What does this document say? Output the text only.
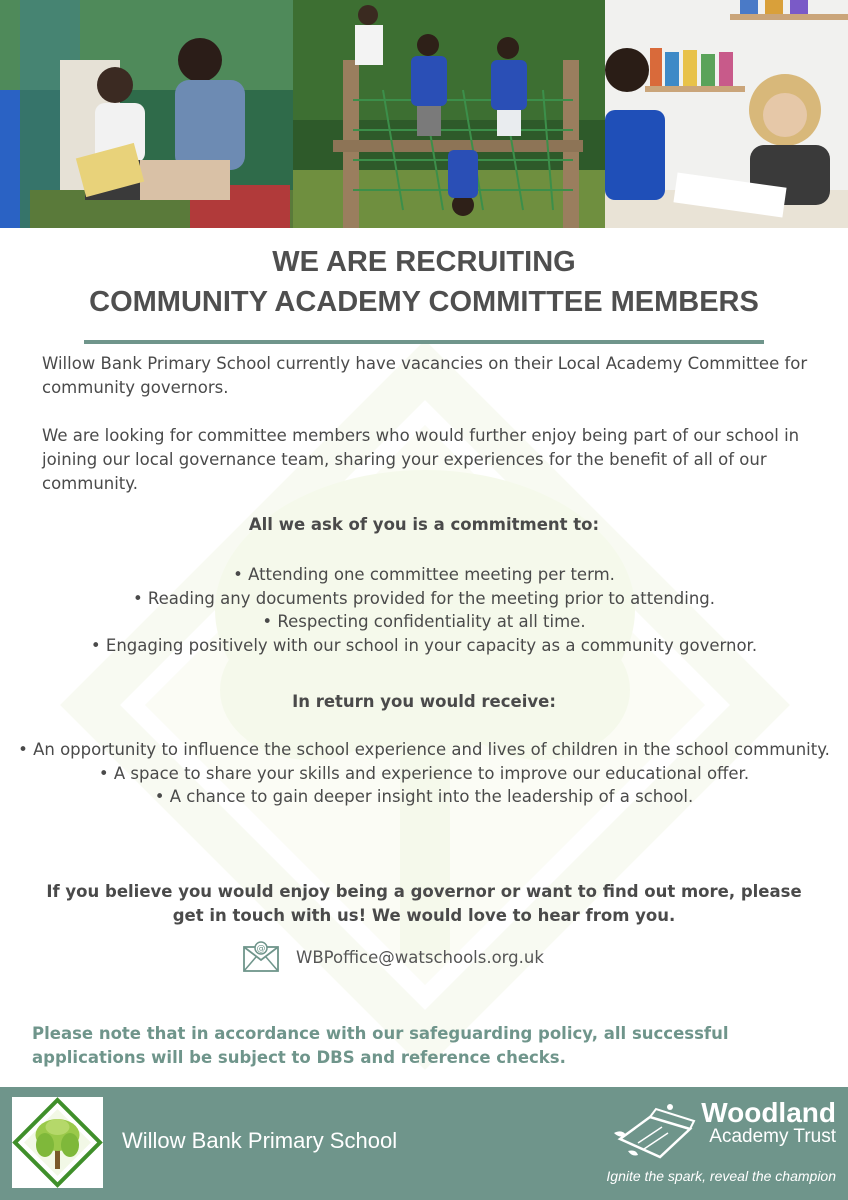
WE ARE RECRUITING
COMMUNITY ACADEMY COMMITTEE MEMBERS

Willow Bank Primary School currently have vacancies on their Local Academy Committee for community governors.

We are looking for committee members who would further enjoy being part of our school in joining our local governance team, sharing your experiences for the benefit of all of our community.

All we ask of you is a commitment to:

• Attending one committee meeting per term.
• Reading any documents provided for the meeting prior to attending.
• Respecting confidentiality at all time.
• Engaging positively with our school in your capacity as a community governor.

In return you would receive:

• An opportunity to influence the school experience and lives of children in the school community.
• A space to share your skills and experience to improve our educational offer.
• A chance to gain deeper insight into the leadership of a school.

If you believe you would enjoy being a governor or want to find out more, please get in touch with us! We would love to hear from you.

@ WBPoffice@watschools.org.uk

Please note that in accordance with our safeguarding policy, all successful applications will be subject to DBS and reference checks.

Willow Bank Primary School
Woodland
Academy Trust
Ignite the spark, reveal the champion
